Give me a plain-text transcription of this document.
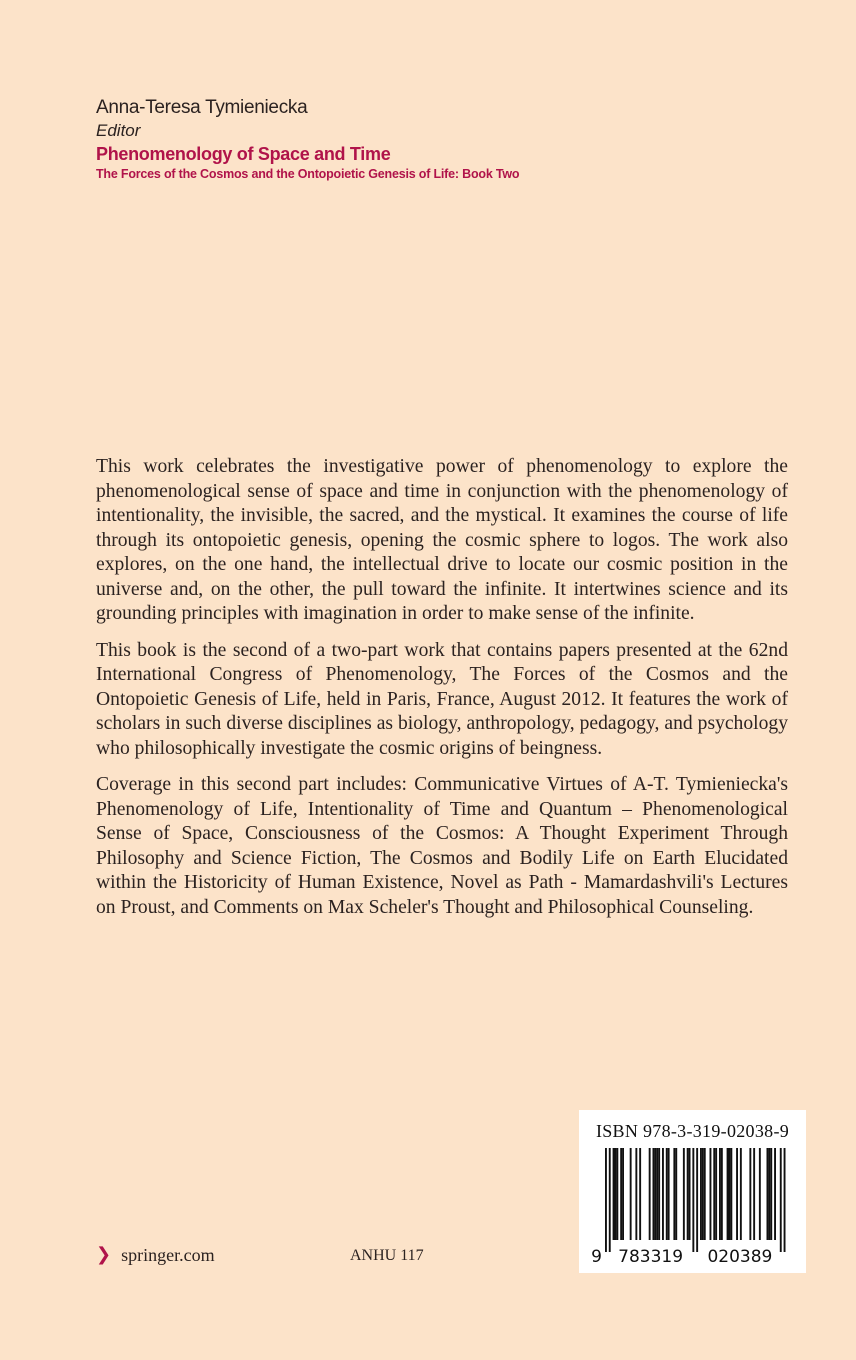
Anna-Teresa Tymieniecka
Editor
Phenomenology of Space and Time
The Forces of the Cosmos and the Ontopoietic Genesis of Life: Book Two

This work celebrates the investigative power of phenomenology to explore the phenomenological sense of space and time in conjunction with the phenomenology of intentionality, the invisible, the sacred, and the mystical. It examines the course of life through its ontopoietic genesis, opening the cosmic sphere to logos. The work also explores, on the one hand, the intellectual drive to locate our cosmic position in the universe and, on the other, the pull toward the infinite. It intertwines science and its grounding principles with imagination in order to make sense of the infinite.

This book is the second of a two-part work that contains papers presented at the 62nd International Congress of Phenomenology, The Forces of the Cosmos and the Ontopoietic Genesis of Life, held in Paris, France, August 2012. It features the work of scholars in such diverse disciplines as biology, anthropology, pedagogy, and psychology who philosophically investigate the cosmic origins of beingness.

Coverage in this second part includes: Communicative Virtues of A-T. Tymieniecka's Phenomenology of Life, Intentionality of Time and Quantum – Phenomenological Sense of Space, Consciousness of the Cosmos: A Thought Experiment Through Philosophy and Science Fiction, The Cosmos and Bodily Life on Earth Elucidated within the Historicity of Human Existence, Novel as Path - Mamardashvili's Lectures on Proust, and Comments on Max Scheler's Thought and Philosophical Counseling.

❯ springer.com	ANHU 117
ISBN 978-3-319-02038-9
9 783319 020389
